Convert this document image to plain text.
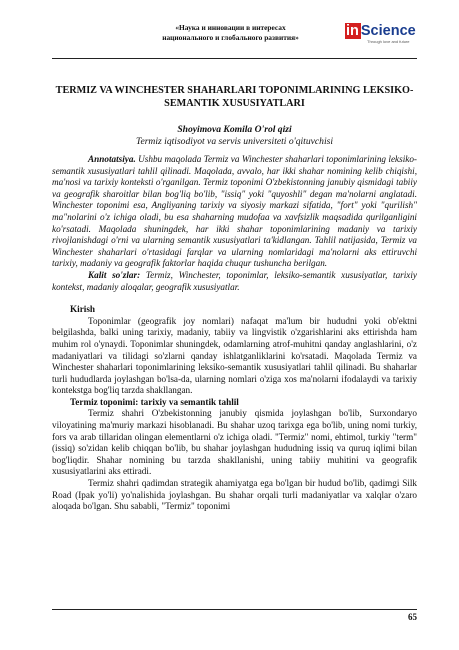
«Наука и инновации в интересах
национального и глобального развития»	in Science
Through love and future
TERMIZ VA WINCHESTER SHAHARLARI TOPONIMLARINING LEKSIKO-SEMANTIK XUSUSIYATLARI
Shoyimova Komila O'rol qizi
Termiz iqtisodiyot va servis universiteti o'qituvchisi

Annotatsiya. Ushbu maqolada Termiz va Winchester shaharlari toponimlarining leksiko-semantik xususiyatlari tahlil qilinadi. Maqolada, avvalo, har ikki shahar nomining kelib chiqishi, ma'nosi va tarixiy konteksti o'rganilgan. Termiz toponimi O'zbekistonning janubiy qismidagi tabiiy va geografik sharoitlar bilan bog'liq bo'lib, "issiq" yoki "quyoshli" degan ma'nolarni anglatadi. Winchester toponimi esa, Angliyaning tarixiy va siyosiy markazi sifatida, "fort" yoki "qurilish" ma"nolarini o'z ichiga oladi, bu esa shaharning mudofaa va xavfsizlik maqsadida qurilganligini ko'rsatadi. Maqolada shuningdek, har ikki shahar toponimlarining madaniy va tarixiy rivojlanishdagi o'rni va ularning semantik xususiyatlari ta'kidlangan. Tahlil natijasida, Termiz va Winchester shaharlari o'rtasidagi farqlar va ularning nomlaridagi ma'nolarni aks ettiruvchi tarixiy, madaniy va geografik faktorlar haqida chuqur tushuncha berilgan.

Kalit so'zlar: Termiz, Winchester, toponimlar, leksiko-semantik xususiyatlar, tarixiy kontekst, madaniy aloqalar, geografik xususiyatlar.

Kirish

Toponimlar (geografik joy nomlari) nafaqat ma'lum bir hududni yoki ob'ektni belgilashda, balki uning tarixiy, madaniy, tabiiy va lingvistik o'zgarishlarini aks ettirishda ham muhim rol o'ynaydi. Toponimlar shuningdek, odamlarning atrof-muhitni qanday anglashlarini, o'z madaniyatlari va tilidagi so'zlarni qanday ishlatganliklarini ko'rsatadi. Maqolada Termiz va Winchester shaharlari toponimlarining leksiko-semantik xususiyatlari tahlil qilinadi. Bu shaharlar turli hududlarda joylashgan bo'lsa-da, ularning nomlari o'ziga xos ma'nolarni ifodalaydi va tarixiy kontekstga bog'liq tarzda shakllangan.

Termiz toponimi: tarixiy va semantik tahlil

Termiz shahri O'zbekistonning janubiy qismida joylashgan bo'lib, Surxondaryo viloyatining ma'muriy markazi hisoblanadi. Bu shahar uzoq tarixga ega bo'lib, uning nomi turkiy, fors va arab tillaridan olingan elementlarni o'z ichiga oladi. "Termiz" nomi, ehtimol, turkiy "term" (issiq) so'zidan kelib chiqqan bo'lib, bu shahar joylashgan hududning issiq va quruq iqlimi bilan bog'liqdir. Shahar nomining bu tarzda shakllanishi, uning tabiiy muhitini va geografik xususiyatlarini aks ettiradi.

Termiz shahri qadimdan strategik ahamiyatga ega bo'lgan bir hudud bo'lib, qadimgi Silk Road (Ipak yo'li) yo'nalishida joylashgan. Bu shahar orqali turli madaniyatlar va xalqlar o'zaro aloqada bo'lgan. Shu sababli, "Termiz" toponimi

65
